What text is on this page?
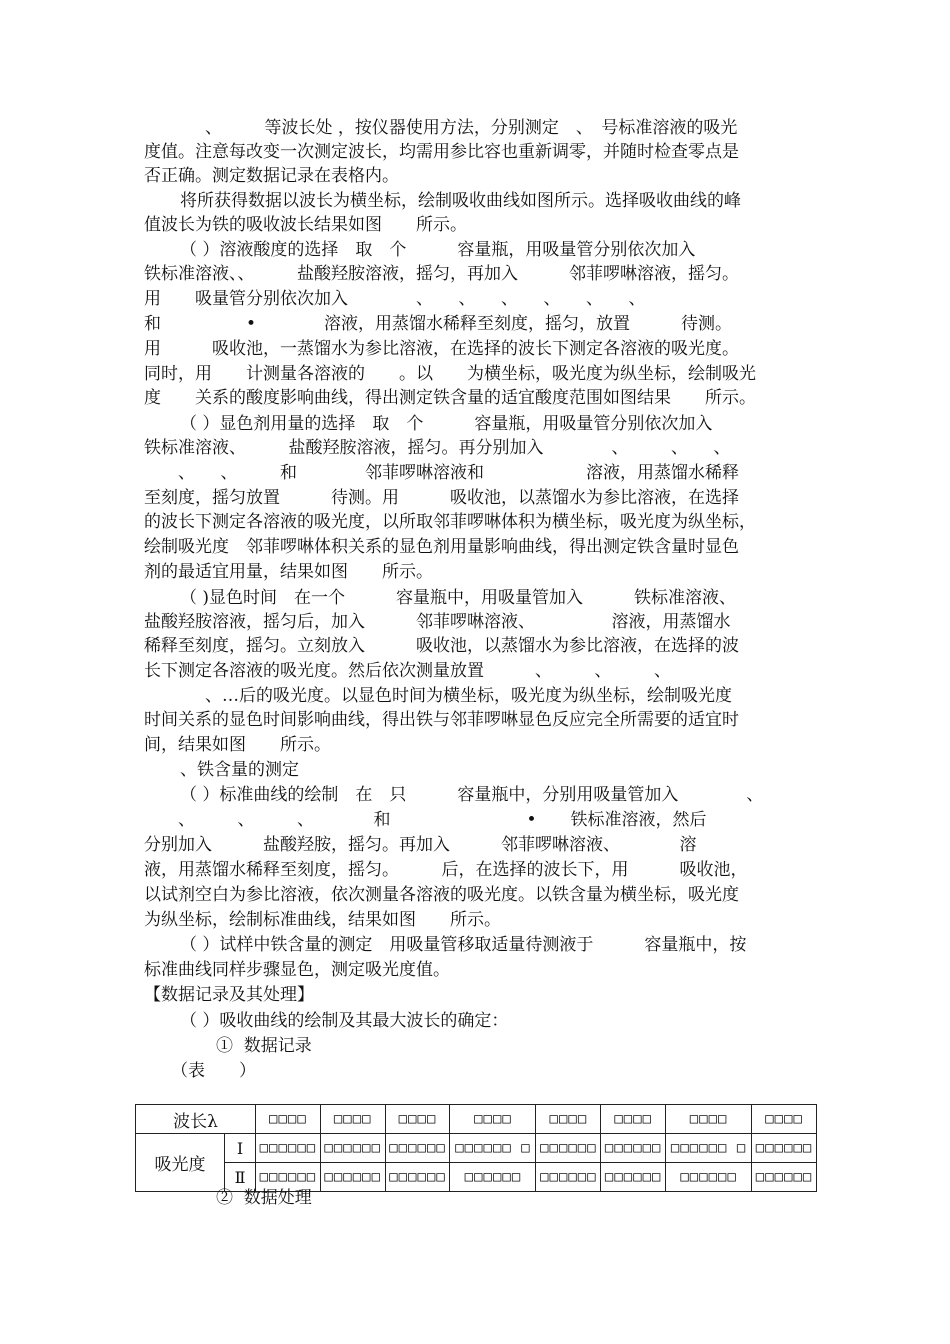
　　、　　　等波长处 ，按仪器使用方法，分别测定　、　号标准溶液的吸光
度值。注意每改变一次测定波长，均需用参比容也重新调零，并随时检查零点是
否正确。测定数据记录在表格内。
将所获得数据以波长为横坐标，绘制吸收曲线如图所示。选择吸收曲线的峰
值波长为铁的吸收波长结果如图　　所示。
（ ）溶液酸度的选择　取　个　　　容量瓶，用吸量管分别依次加入
铁标准溶液、、　　　盐酸羟胺溶液，摇匀，再加入　　　邻菲啰啉溶液，摇匀。
用　　吸量管分别依次加入　　　　、　　、　　、　　、　　、　　、
和　　　　　•　　　　溶液，用蒸馏水稀释至刻度，摇匀，放置　　　待测。
用　　　吸收池，一蒸馏水为参比溶液，在选择的波长下测定各溶液的吸光度。
同时，用　　计测量各溶液的　　。以　　为横坐标，吸光度为纵坐标，绘制吸光
度　　关系的酸度影响曲线，得出测定铁含量的适宜酸度范围如图结果　　所示。
（ ）显色剂用量的选择　取　个　　　容量瓶，用吸量管分别依次加入
铁标准溶液、　　　盐酸羟胺溶液，摇匀。再分别加入　　　　、　　　、　　、
　　、　　、　　　和　　　　邻菲啰啉溶液和　　　　　　溶液，用蒸馏水稀释
至刻度，摇匀放置　　　待测。用　　　吸收池，以蒸馏水为参比溶液，在选择
的波长下测定各溶液的吸光度，以所取邻菲啰啉体积为横坐标，吸光度为纵坐标，
绘制吸光度　邻菲啰啉体积关系的显色剂用量影响曲线，得出测定铁含量时显色
剂的最适宜用量，结果如图　　所示。
（ )显色时间　在一个　　　容量瓶中，用吸量管加入　　　铁标准溶液、
盐酸羟胺溶液，摇匀后，加入　　　邻菲啰啉溶液、　　　　　溶液，用蒸馏水
稀释至刻度，摇匀。立刻放入　　　吸收池，以蒸馏水为参比溶液，在选择的波
长下测定各溶液的吸光度。然后依次测量放置　　　、　　　、　　　、
　　、…后的吸光度。以显色时间为横坐标，吸光度为纵坐标，绘制吸光度
时间关系的显色时间影响曲线，得出铁与邻菲啰啉显色反应完全所需要的适宜时
间，结果如图　　所示。
、铁含量的测定
（ ）标准曲线的绘制　在　只　　　容量瓶中，分别用吸量管加入　　　　、
　　、　　　、　　　、　　　　和　　　　　　　　•　　铁标准溶液，然后
分别加入　　　盐酸羟胺，摇匀。再加入　　　邻菲啰啉溶液、　　　　溶
液，用蒸馏水稀释至刻度，摇匀。　　　后，在选择的波长下，用　　　吸收池，
以试剂空白为参比溶液，依次测量各溶液的吸光度。以铁含量为横坐标，吸光度
为纵坐标，绘制标准曲线，结果如图　　所示。
（ ）试样中铁含量的测定　用吸量管移取适量待测液于　　　容量瓶中，按
标准曲线同样步骤显色，测定吸光度值。
【数据记录及其处理】
（ ）吸收曲线的绘制及其最大波长的确定：
①  数据记录
（表　　）
波长λ		□□□□	□□□□	□□□□	□□□□	□□□□	□□□□	□□□□	□□□□
吸光度	Ⅰ	□□□□□□	□□□□□□	□□□□□□	□□□□□□ □	□□□□□□	□□□□□□	□□□□□□ □	□□□□□□
	Ⅱ	□□□□□□	□□□□□□	□□□□□□	□□□□□□	□□□□□□	□□□□□□	□□□□□□	□□□□□□
②  数据处理
